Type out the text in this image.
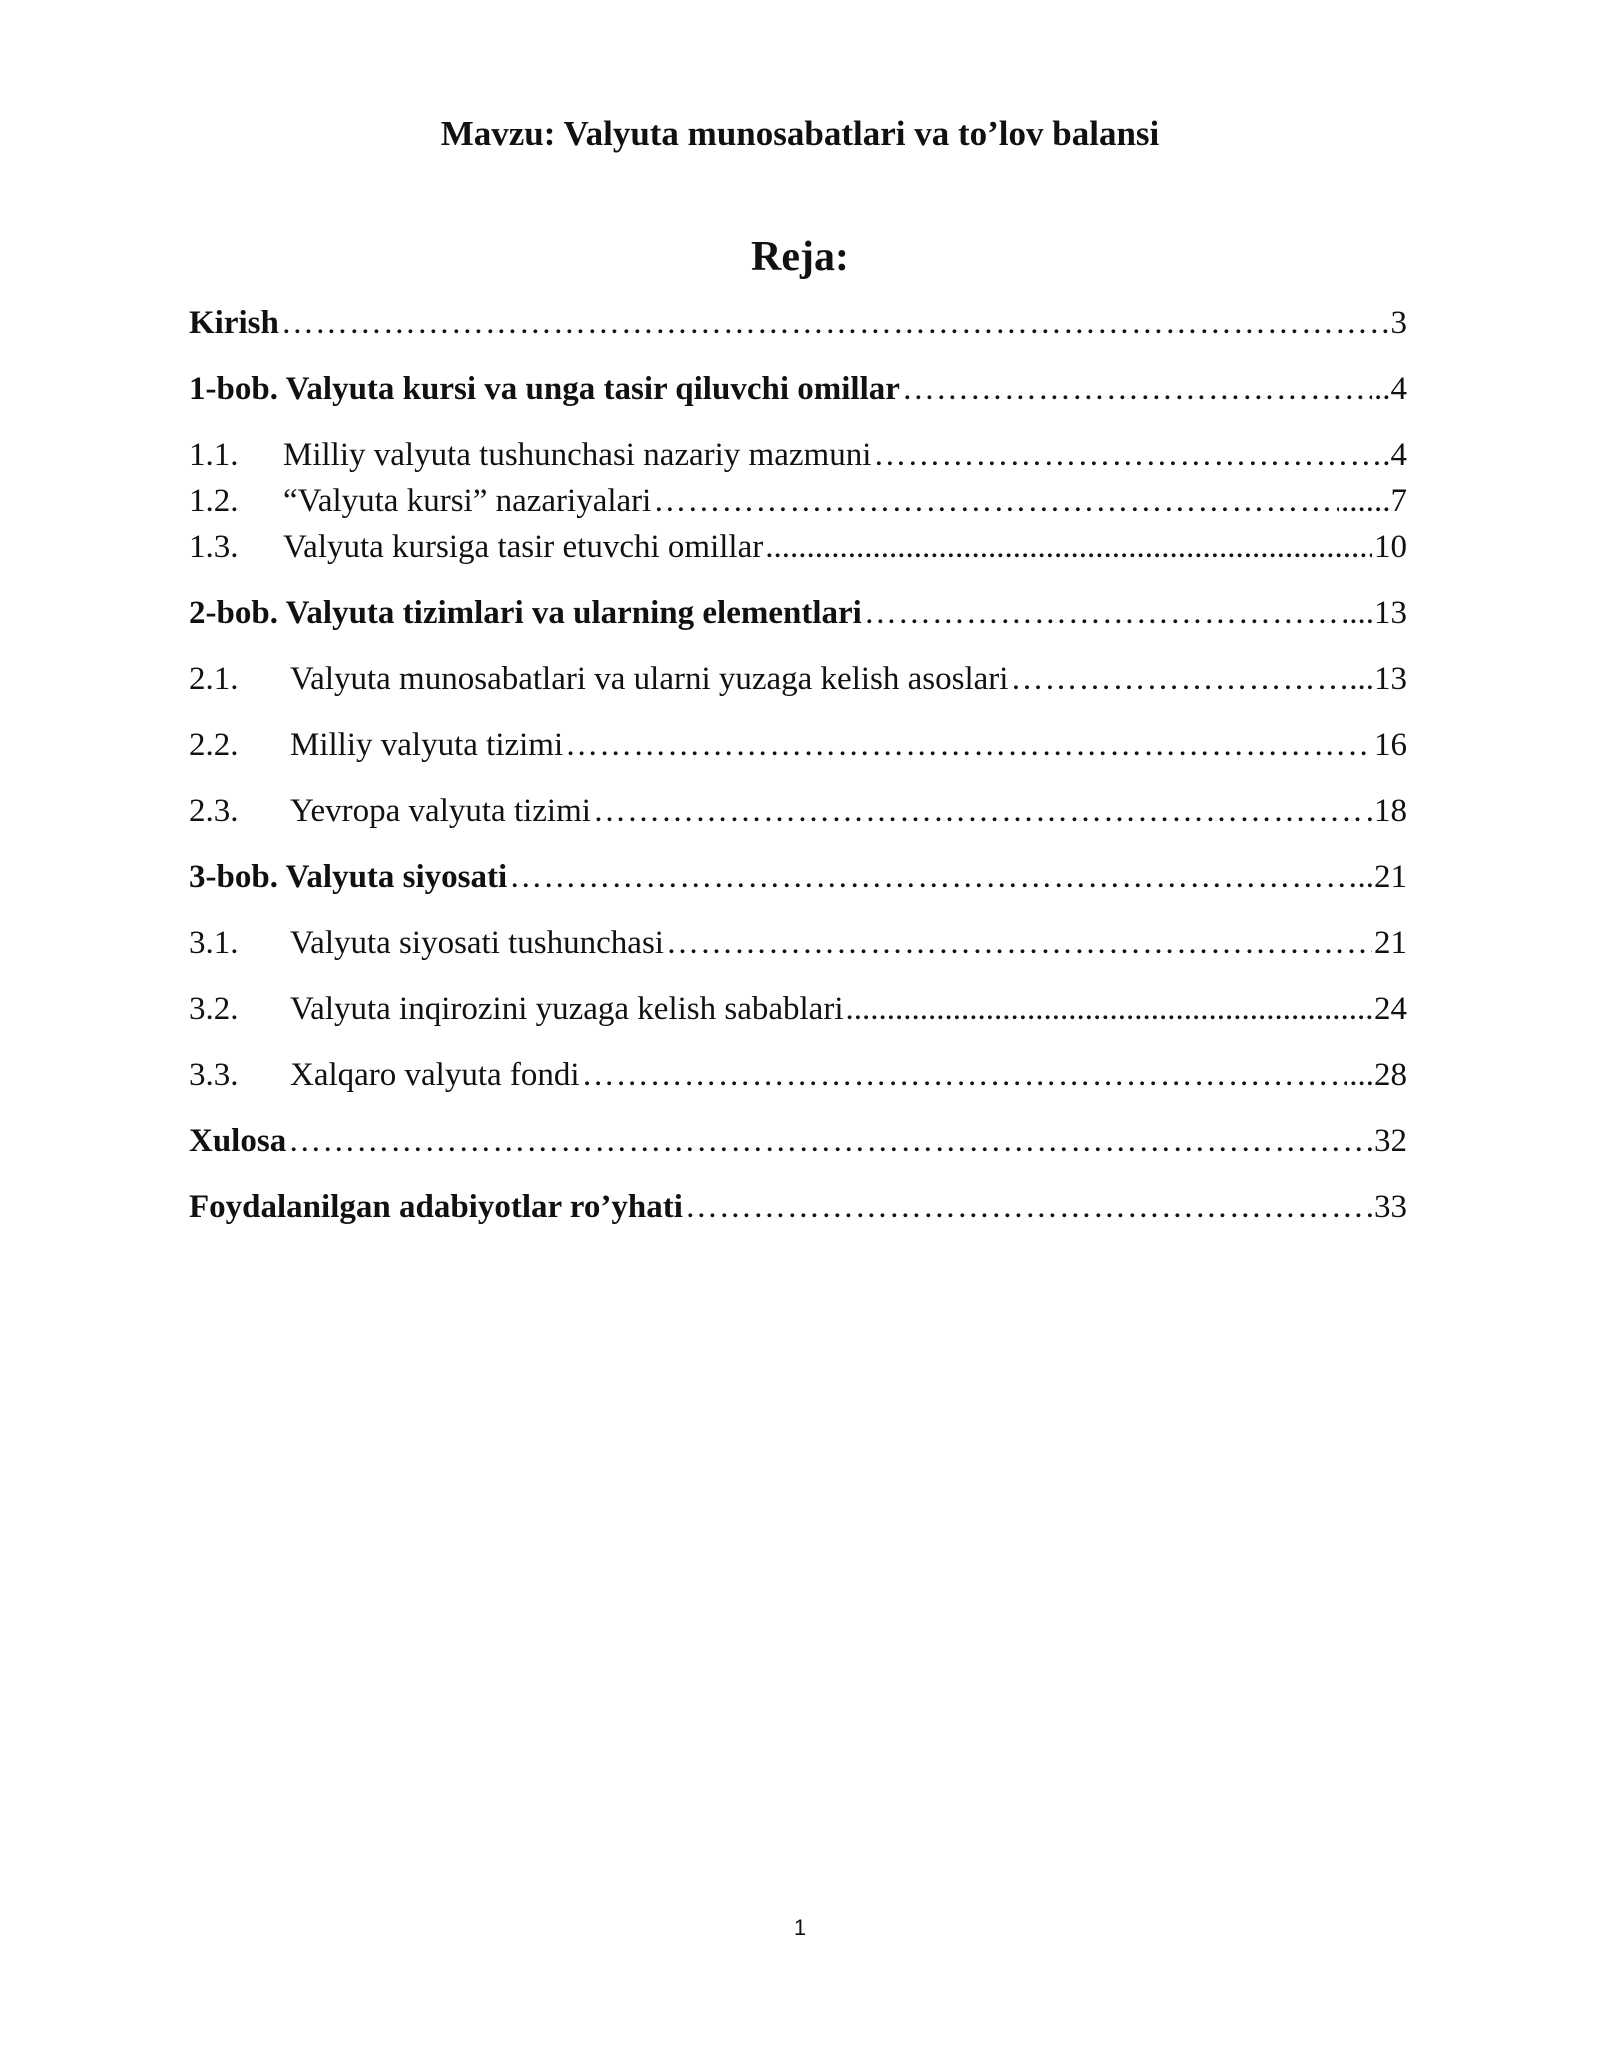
Mavzu: Valyuta munosabatlari va to’lov balansi
Reja:
Kirish ………………………………………………………………………………………………………………………………………………………………………………………………………………	3
1-bob. Valyuta kursi va unga tasir qiluvchi omillar ………………………………………………………………………………………………………………………………………………………………………………………………………………	..4
1.1.	Milliy valyuta tushunchasi nazariy mazmuni ………………………………………………………………………………………………………………………………………………………………………………………………………………	.4
1.2.	“Valyuta kursi” nazariyalari ………………………………………………………………………………………………………………………………………………………………………………………………………………	......7
1.3.	Valyuta kursiga tasir etuvchi omillar .....	10
2-bob. Valyuta tizimlari va ularning elementlari ………………………………………………………………………………………………………………………………………………………………………………………………………………	...13
2.1.	Valyuta munosabatlari va ularni yuzaga kelish asoslari ………………………………………………………………………………………………………………………………………………………………………………………………………………	...13
2.2.	Milliy valyuta tizimi ………………………………………………………………………………………………………………………………………………………………………………………………………………	16
2.3.	Yevropa valyuta tizimi ………………………………………………………………………………………………………………………………………………………………………………………………………………	.18
3-bob. Valyuta siyosati ………………………………………………………………………………………………………………………………………………………………………………………………………………	..21
3.1.	Valyuta siyosati tushunchasi ………………………………………………………………………………………………………………………………………………………………………………………………………………	21
3.2.	Valyuta inqirozini yuzaga kelish sabablari .....	24
3.3.	Xalqaro valyuta fondi ………………………………………………………………………………………………………………………………………………………………………………………………………………	...28
Xulosa ………………………………………………………………………………………………………………………………………………………………………………………………………………	.32
Foydalanilgan adabiyotlar ro’yhati ………………………………………………………………………………………………………………………………………………………………………………………………………………	.33
1
